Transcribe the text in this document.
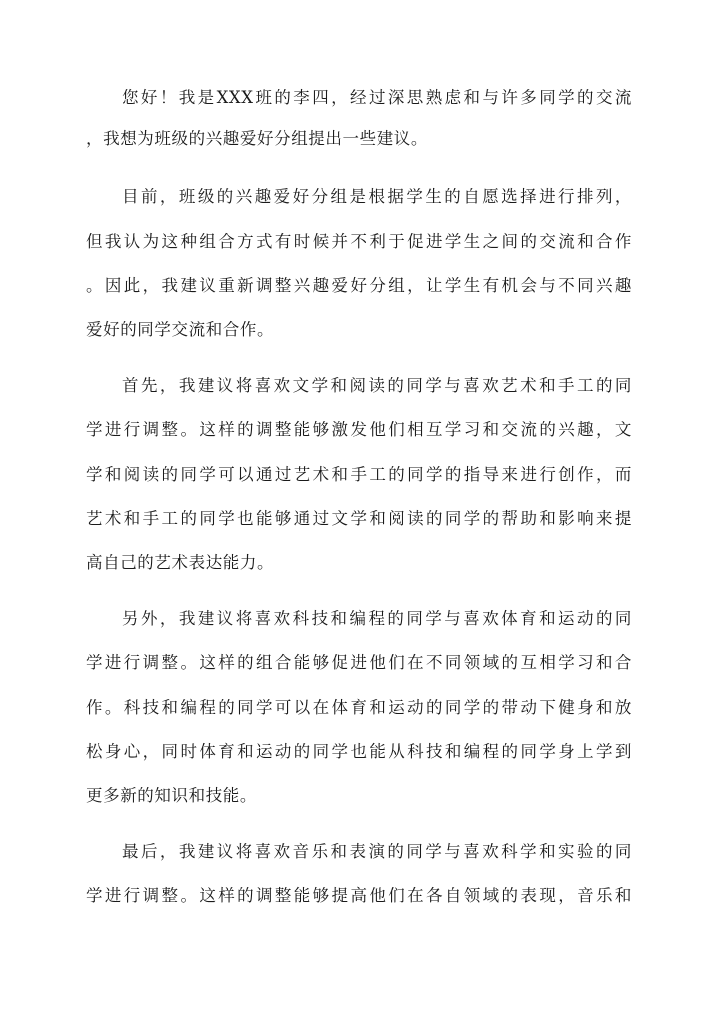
您好！我是XXX班的李四，经过深思熟虑和与许多同学的交流
，我想为班级的兴趣爱好分组提出一些建议。
目前，班级的兴趣爱好分组是根据学生的自愿选择进行排列，
但我认为这种组合方式有时候并不利于促进学生之间的交流和合作
。因此，我建议重新调整兴趣爱好分组，让学生有机会与不同兴趣
爱好的同学交流和合作。
首先，我建议将喜欢文学和阅读的同学与喜欢艺术和手工的同
学进行调整。这样的调整能够激发他们相互学习和交流的兴趣，文
学和阅读的同学可以通过艺术和手工的同学的指导来进行创作，而
艺术和手工的同学也能够通过文学和阅读的同学的帮助和影响来提
高自己的艺术表达能力。
另外，我建议将喜欢科技和编程的同学与喜欢体育和运动的同
学进行调整。这样的组合能够促进他们在不同领域的互相学习和合
作。科技和编程的同学可以在体育和运动的同学的带动下健身和放
松身心，同时体育和运动的同学也能从科技和编程的同学身上学到
更多新的知识和技能。
最后，我建议将喜欢音乐和表演的同学与喜欢科学和实验的同
学进行调整。这样的调整能够提高他们在各自领域的表现，音乐和
